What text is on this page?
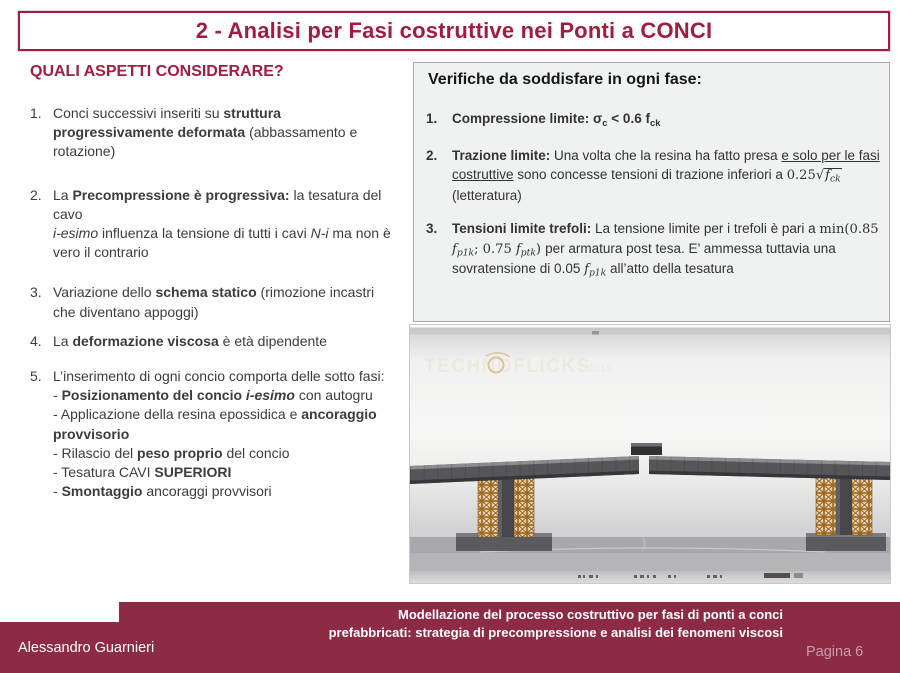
2 - Analisi per Fasi costruttive nei Ponti a CONCI
QUALI ASPETTI CONSIDERARE?
1. Conci successivi inseriti su struttura progressivamente deformata (abbassamento e rotazione)
2. La Precompressione è progressiva: la tesatura del cavo
i-esimo influenza la tensione di tutti i cavi N-i ma non è vero il contrario
3. Variazione dello schema statico (rimozione incastri che diventano appoggi)
4. La deformazione viscosa è età dipendente
5. L’inserimento di ogni concio comporta delle sotto fasi:
- Posizionamento del concio i-esimo con autogru
- Applicazione della resina epossidica e ancoraggio provvisorio
- Rilascio del peso proprio del concio
- Tesatura CAVI SUPERIORI
- Smontaggio ancoraggi provvisori
Verifiche da soddisfare in ogni fase:
1.	Compressione limite: $\sigma_c < 0.6$ $f_{ck}$
2.	Trazione limite: Una volta che la resina ha fatto presa e solo per le fasi costruttive sono concesse tensioni di trazione inferiori a $0.25√f_{ck}$ (letteratura)
3.	Tensioni limite trefoli: La tensione limite per i trefoli è pari a min(0.85 $f_{p1k}$; 0.75 $f_{ptk}$) per armatura post tesa. E’ ammessa tuttavia una sovratensione di 0.05 $f_{p1k}$ all’atto della tesatura
TECHNOFLICKS
2010
Alessandro Guarnieri
Modellazione del processo costruttivo per fasi di ponti a conci prefabbricati: strategia di precompressione e analisi dei fenomeni viscosi
Pagina 6
